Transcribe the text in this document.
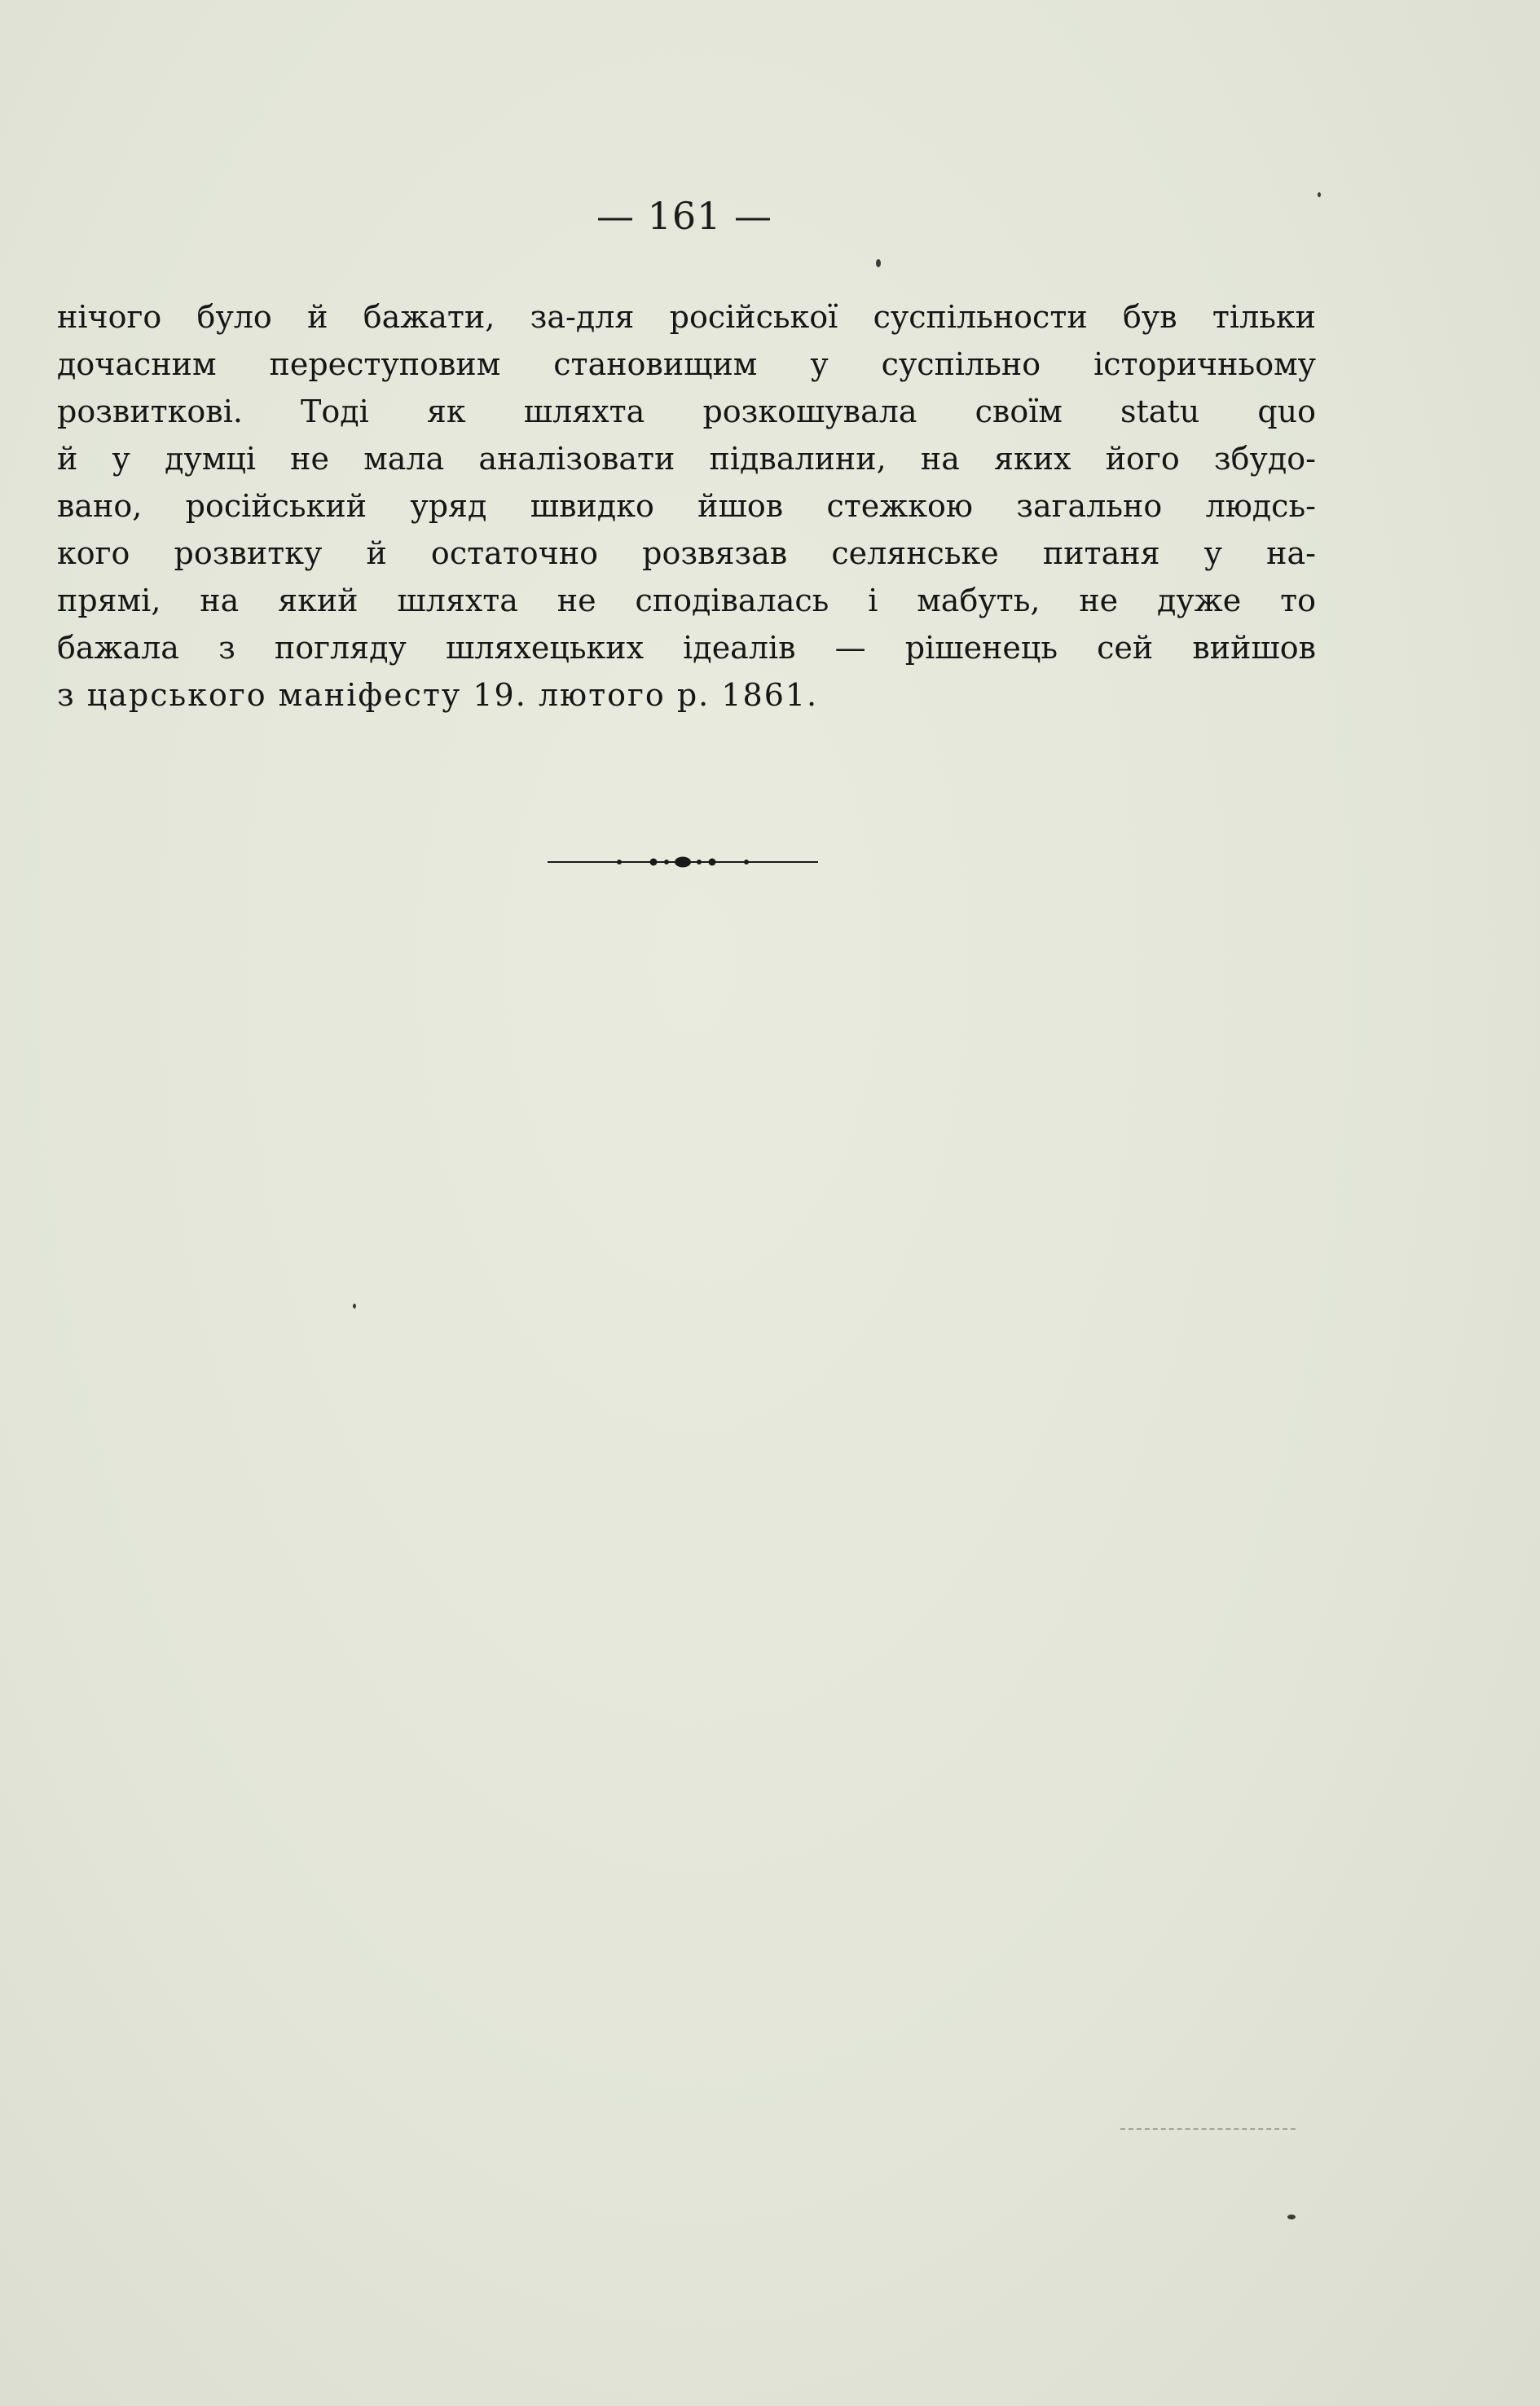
— 161 —
нічого було й бажати, за-для російської суспільности був тільки
дочасним переступовим становищим у суспільно історичньому
розвиткові. Тоді як шляхта розкошувала своїм statu quo
й у думці не мала аналізовати підвалини, на яких його збудо-
вано, російський уряд швидко йшов стежкою загально людсь-
кого розвитку й остаточно розвязав селянське питаня у на-
прямі, на який шляхта не сподівалась і мабуть, не дуже то
бажала з погляду шляхецьких ідеалів — рішенець сей вийшов
з царського маніфесту 19. лютого р. 1861.
